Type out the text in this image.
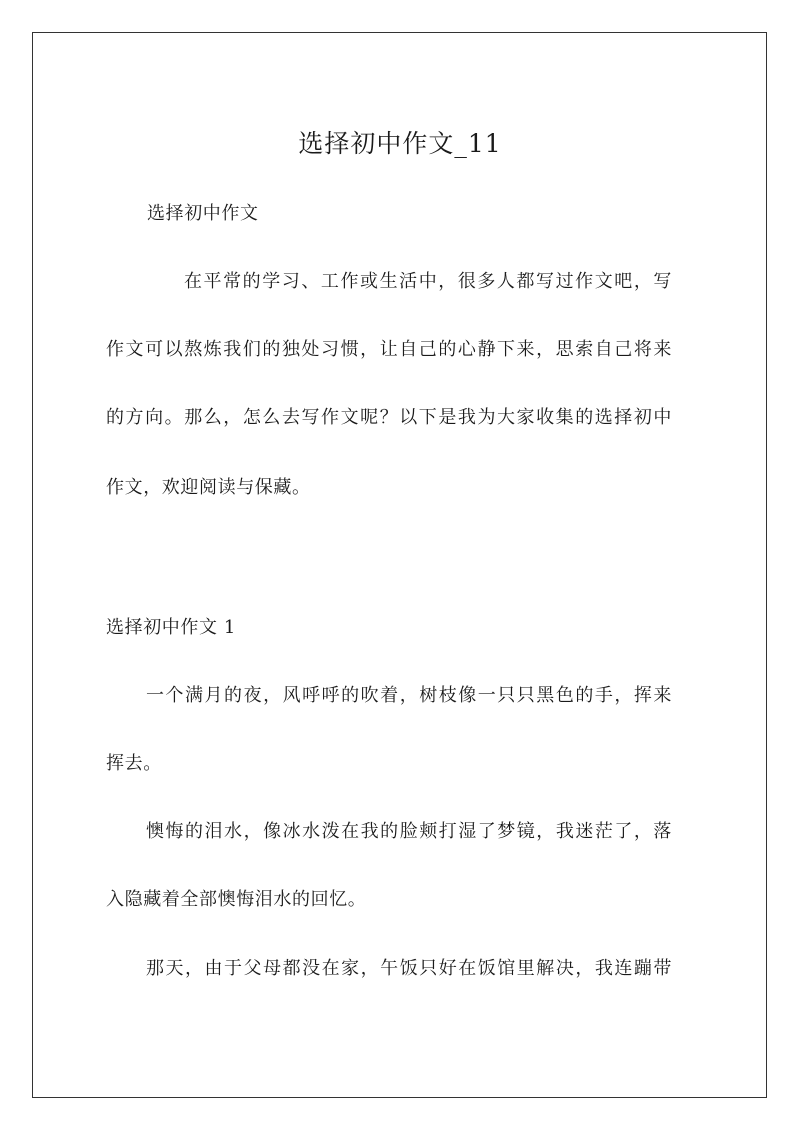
选择初中作文_11
选择初中作文
在平常的学习、工作或生活中，很多人都写过作文吧，写
作文可以熬炼我们的独处习惯，让自己的心静下来，思索自己将来
的方向。那么，怎么去写作文呢？以下是我为大家收集的选择初中
作文，欢迎阅读与保藏。
选择初中作文 1
一个满月的夜，风呼呼的吹着，树枝像一只只黑色的手，挥来
挥去。
懊悔的泪水，像冰水泼在我的脸颊打湿了梦镜，我迷茫了，落
入隐藏着全部懊悔泪水的回忆。
那天，由于父母都没在家，午饭只好在饭馆里解决，我连蹦带
